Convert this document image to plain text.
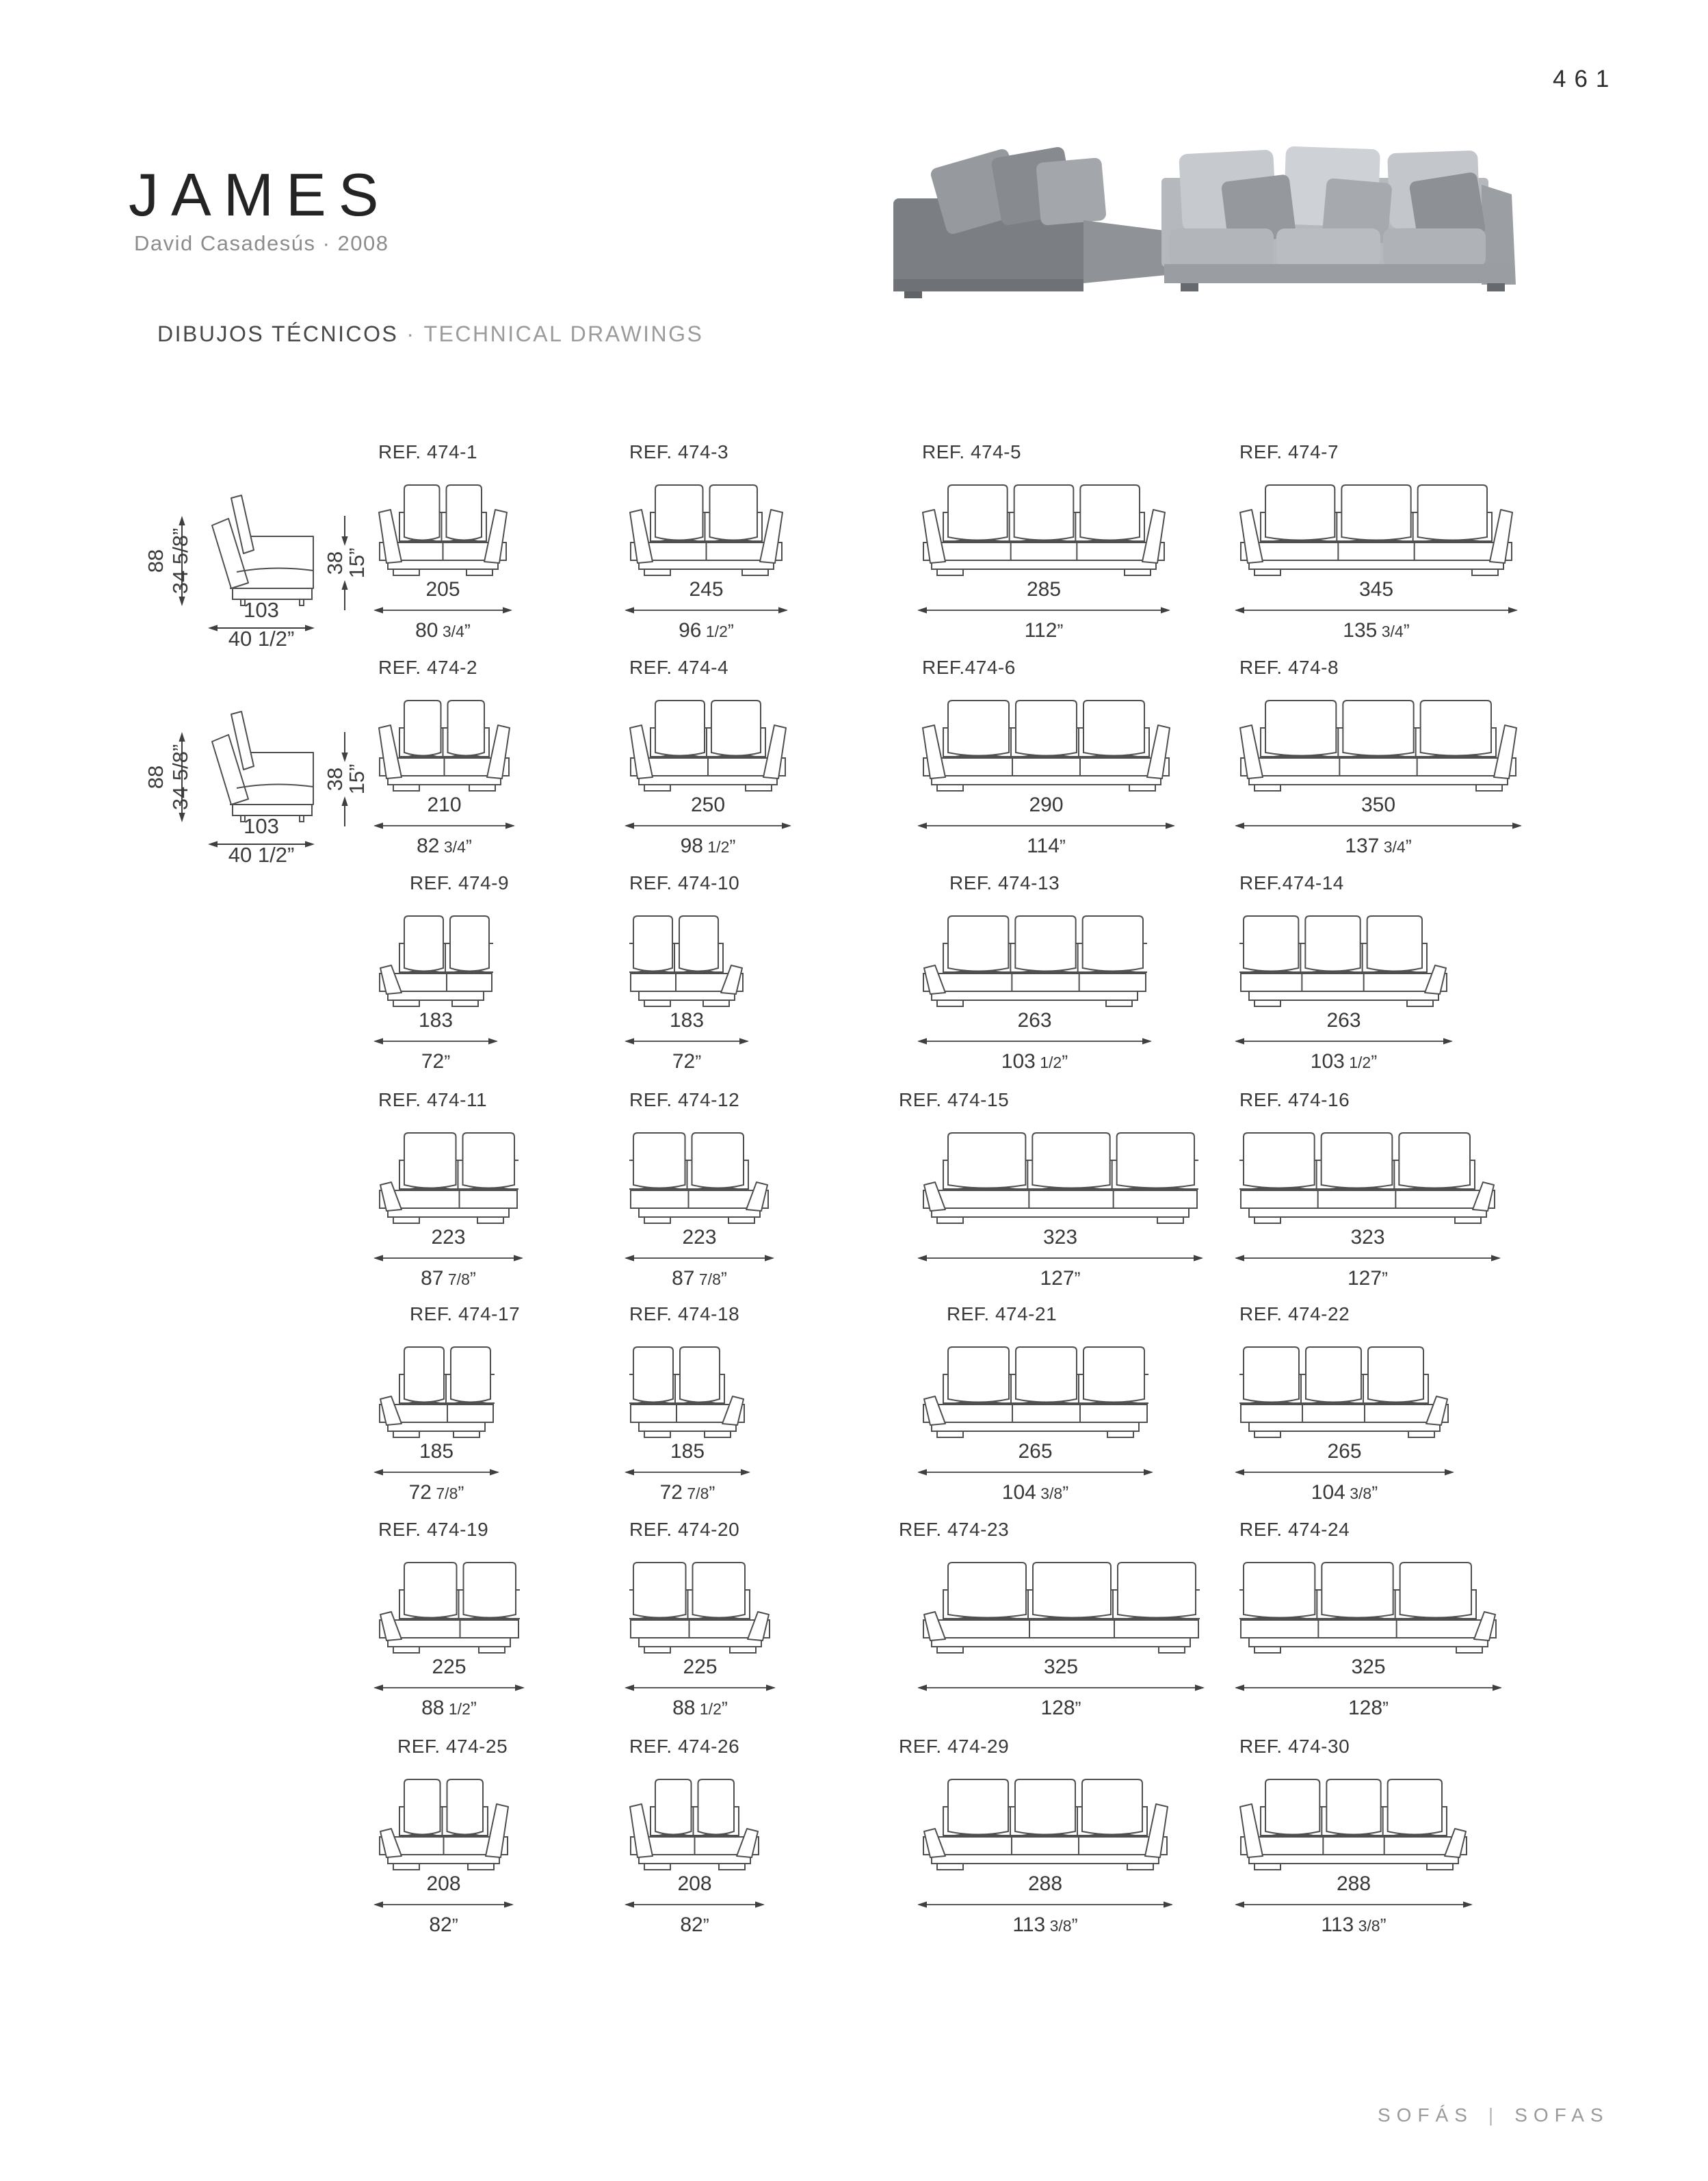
461
JAMES
David Casadesús · 2008
DIBUJOS TÉCNICOS · TECHNICAL DRAWINGS
88 34 5/8”	38
15”
103
40 1/2”
88 34 5/8”	38
15”
103
40 1/2”
REF. 474-1
205
80 3/4”
REF. 474-3
245
96 1/2”
REF. 474-5
285
112”
REF. 474-7
345
135 3/4”
REF. 474-2
210
82 3/4”
REF. 474-4
250
98 1/2”
REF.474-6
290
114”
REF. 474-8
350
137 3/4”
REF. 474-9
183
72”
REF. 474-10
183
72”
REF. 474-13
263
103 1/2”
REF.474-14
263
103 1/2”
REF. 474-11
223
87 7/8”
REF. 474-12
223
87 7/8”
REF. 474-15
323
127”
REF. 474-16
323
127”
REF. 474-17
185
72 7/8”
REF. 474-18
185
72 7/8”
REF. 474-21
265
104 3/8”
REF. 474-22
265
104 3/8”
REF. 474-19
225
88 1/2”
REF. 474-20
225
88 1/2”
REF. 474-23
325
128”
REF. 474-24
325
128”
REF. 474-25
208
82”
REF. 474-26
208
82”
REF. 474-29
288
113 3/8”
REF. 474-30
288
113 3/8”
SOFÁS | SOFAS
